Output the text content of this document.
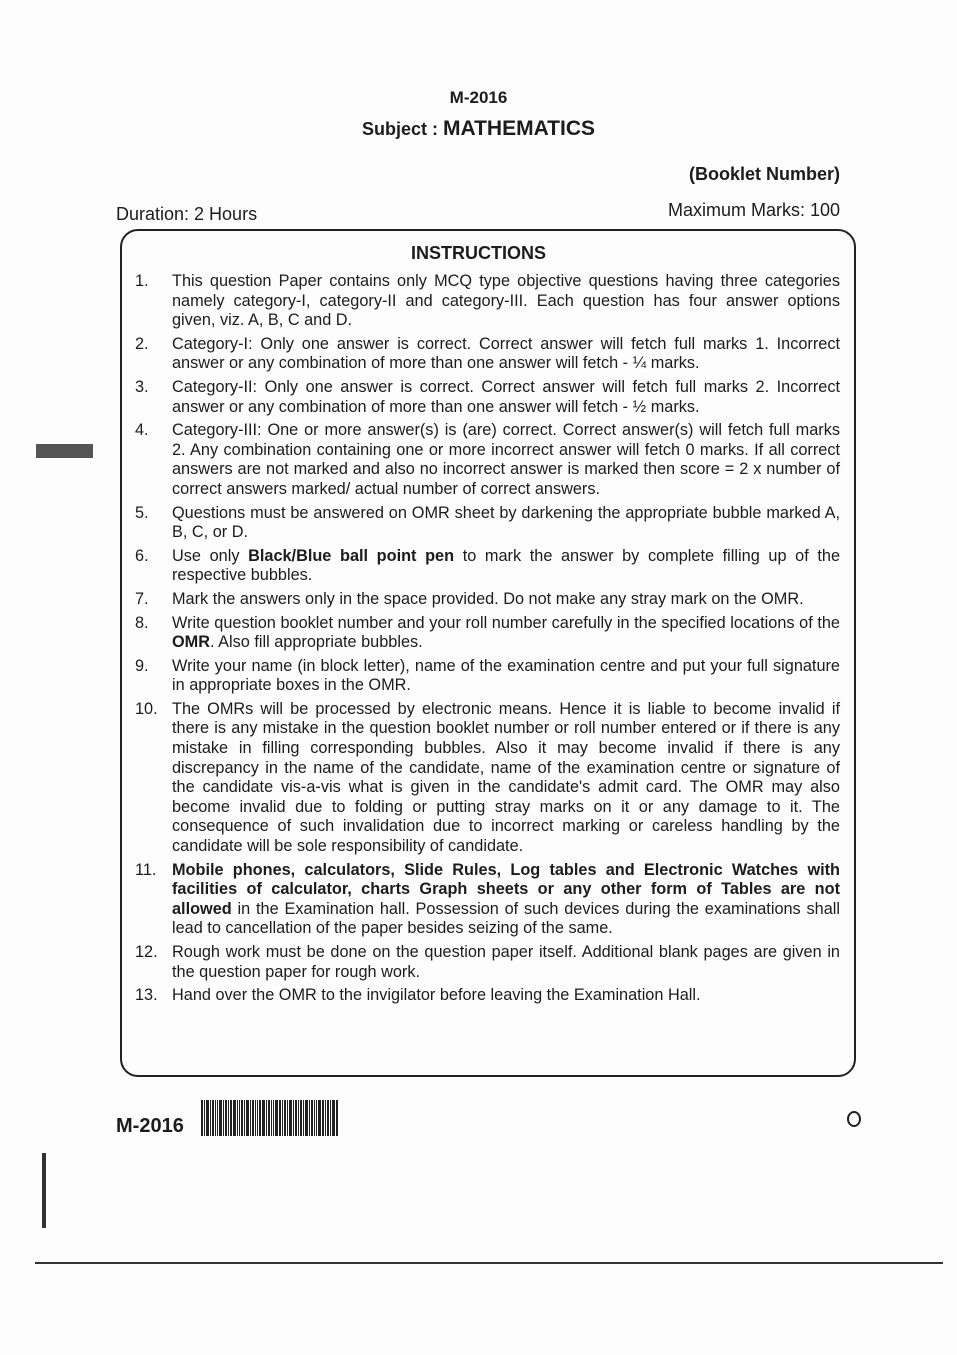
M-2016
Subject : MATHEMATICS
(Booklet Number)
Duration: 2 Hours	Maximum Marks: 100
INSTRUCTIONS
1.	This question Paper contains only MCQ type objective questions having three categories namely category-I, category-II and category-III. Each question has four answer options given, viz. A, B, C and D.
2.	Category-I: Only one answer is correct. Correct answer will fetch full marks 1. Incorrect answer or any combination of more than one answer will fetch - ¼ marks.
3.	Category-II: Only one answer is correct. Correct answer will fetch full marks 2. Incorrect answer or any combination of more than one answer will fetch - ½ marks.
4.	Category-III: One or more answer(s) is (are) correct. Correct answer(s) will fetch full marks 2. Any combination containing one or more incorrect answer will fetch 0 marks. If all correct answers are not marked and also no incorrect answer is marked then score = 2 x number of correct answers marked/ actual number of correct answers.
5.	Questions must be answered on OMR sheet by darkening the appropriate bubble marked A, B, C, or D.
6.	Use only Black/Blue ball point pen to mark the answer by complete filling up of the respective bubbles.
7.	Mark the answers only in the space provided. Do not make any stray mark on the OMR.
8.	Write question booklet number and your roll number carefully in the specified locations of the OMR. Also fill appropriate bubbles.
9.	Write your name (in block letter), name of the examination centre and put your full signature in appropriate boxes in the OMR.
10. The OMRs will be processed by electronic means. Hence it is liable to become invalid if there is any mistake in the question booklet number or roll number entered or if there is any mistake in filling corresponding bubbles. Also it may become invalid if there is any discrepancy in the name of the candidate, name of the examination centre or signature of the candidate vis-a-vis what is given in the candidate's admit card. The OMR may also become invalid due to folding or putting stray marks on it or any damage to it. The consequence of such invalidation due to incorrect marking or careless handling by the candidate will be sole responsibility of candidate.
11. Mobile phones, calculators, Slide Rules, Log tables and Electronic Watches with facilities of calculator, charts Graph sheets or any other form of Tables are not allowed in the Examination hall. Possession of such devices during the examinations shall lead to cancellation of the paper besides seizing of the same.
12. Rough work must be done on the question paper itself. Additional blank pages are given in the question paper for rough work.
13. Hand over the OMR to the invigilator before leaving the Examination Hall.
M-2016
